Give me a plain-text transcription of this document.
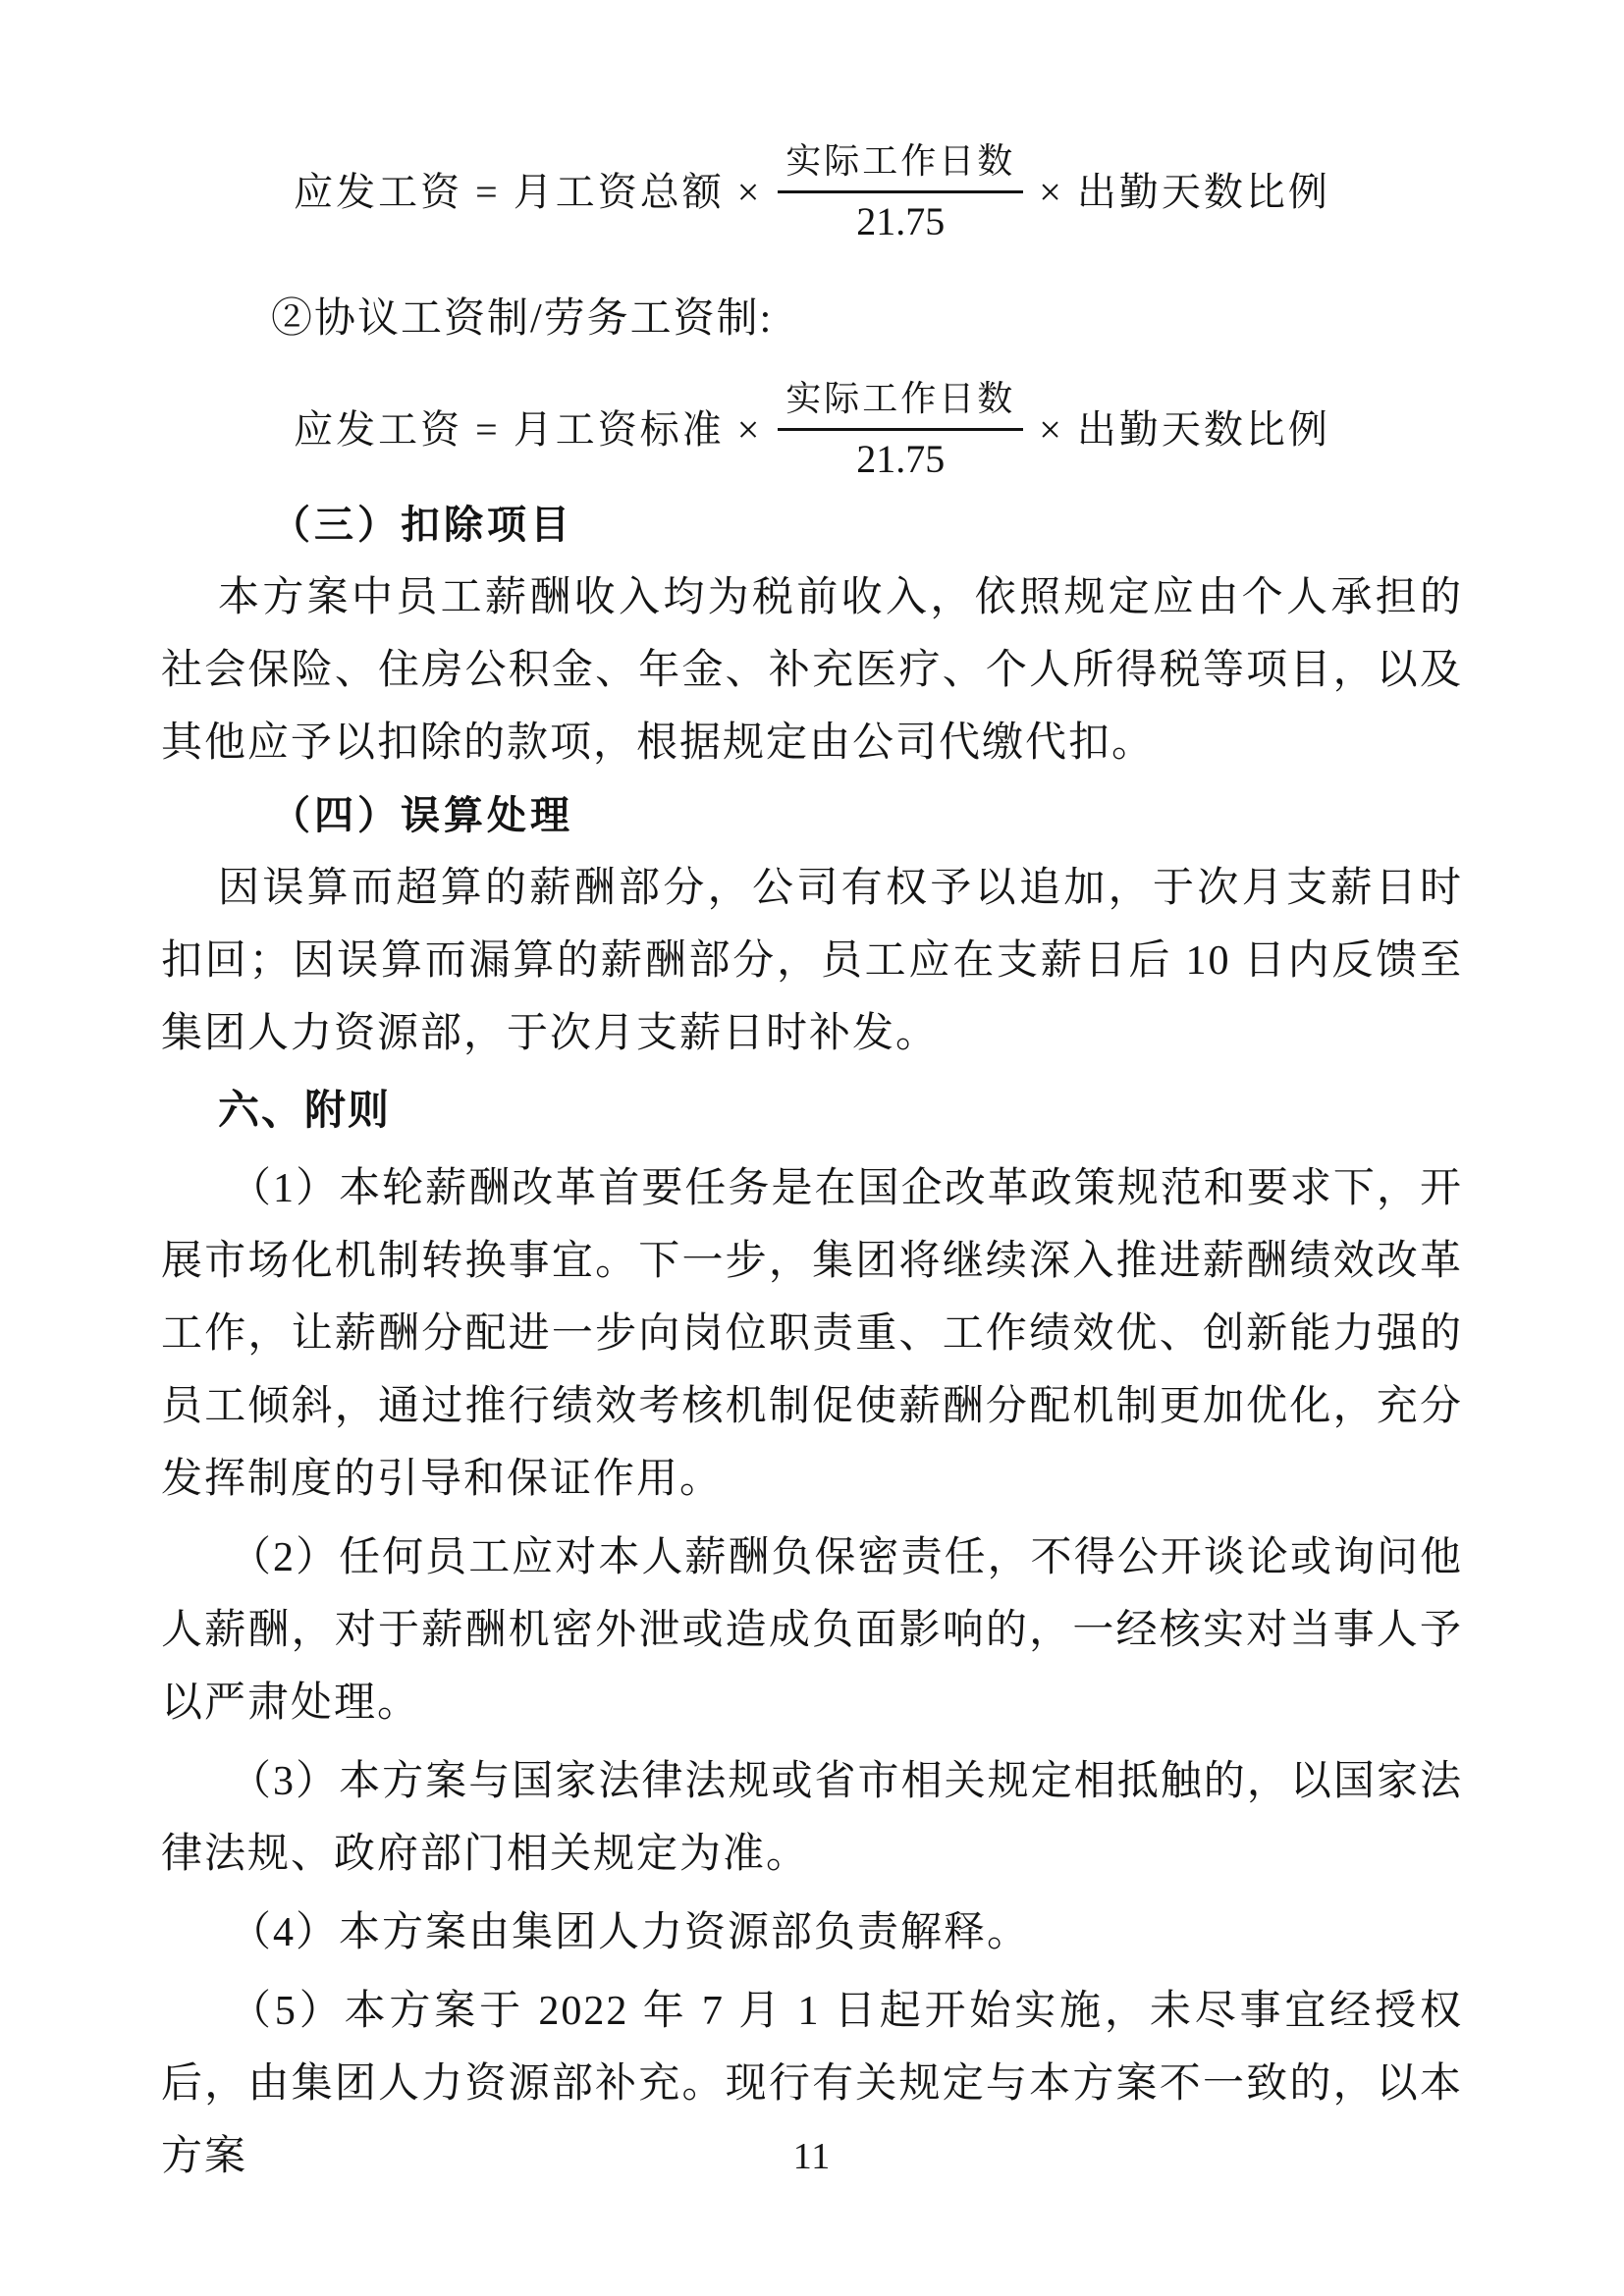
应发工资 = 月工资总额 × $\frac{\text{实际工作日数}}{21.75}$ × 出勤天数比例

②协议工资制/劳务工资制:

应发工资 = 月工资标准 × $\frac{\text{实际工作日数}}{21.75}$ × 出勤天数比例
（三）扣除项目

本方案中员工薪酬收入均为税前收入，依照规定应由个人承担的社会保险、住房公积金、年金、补充医疗、个人所得税等项目，以及其他应予以扣除的款项，根据规定由公司代缴代扣。

（四）误算处理

因误算而超算的薪酬部分，公司有权予以追加，于次月支薪日时扣回；因误算而漏算的薪酬部分，员工应在支薪日后 10 日内反馈至集团人力资源部，于次月支薪日时补发。

六、附则

（1）本轮薪酬改革首要任务是在国企改革政策规范和要求下，开展市场化机制转换事宜。下一步，集团将继续深入推进薪酬绩效改革工作，让薪酬分配进一步向岗位职责重、工作绩效优、创新能力强的员工倾斜，通过推行绩效考核机制促使薪酬分配机制更加优化，充分发挥制度的引导和保证作用。

（2）任何员工应对本人薪酬负保密责任，不得公开谈论或询问他人薪酬，对于薪酬机密外泄或造成负面影响的，一经核实对当事人予以严肃处理。

（3）本方案与国家法律法规或省市相关规定相抵触的，以国家法律法规、政府部门相关规定为准。

（4）本方案由集团人力资源部负责解释。

（5）本方案于 2022 年 7 月 1 日起开始实施，未尽事宜经授权后，由集团人力资源部补充。现行有关规定与本方案不一致的，以本方案	11
